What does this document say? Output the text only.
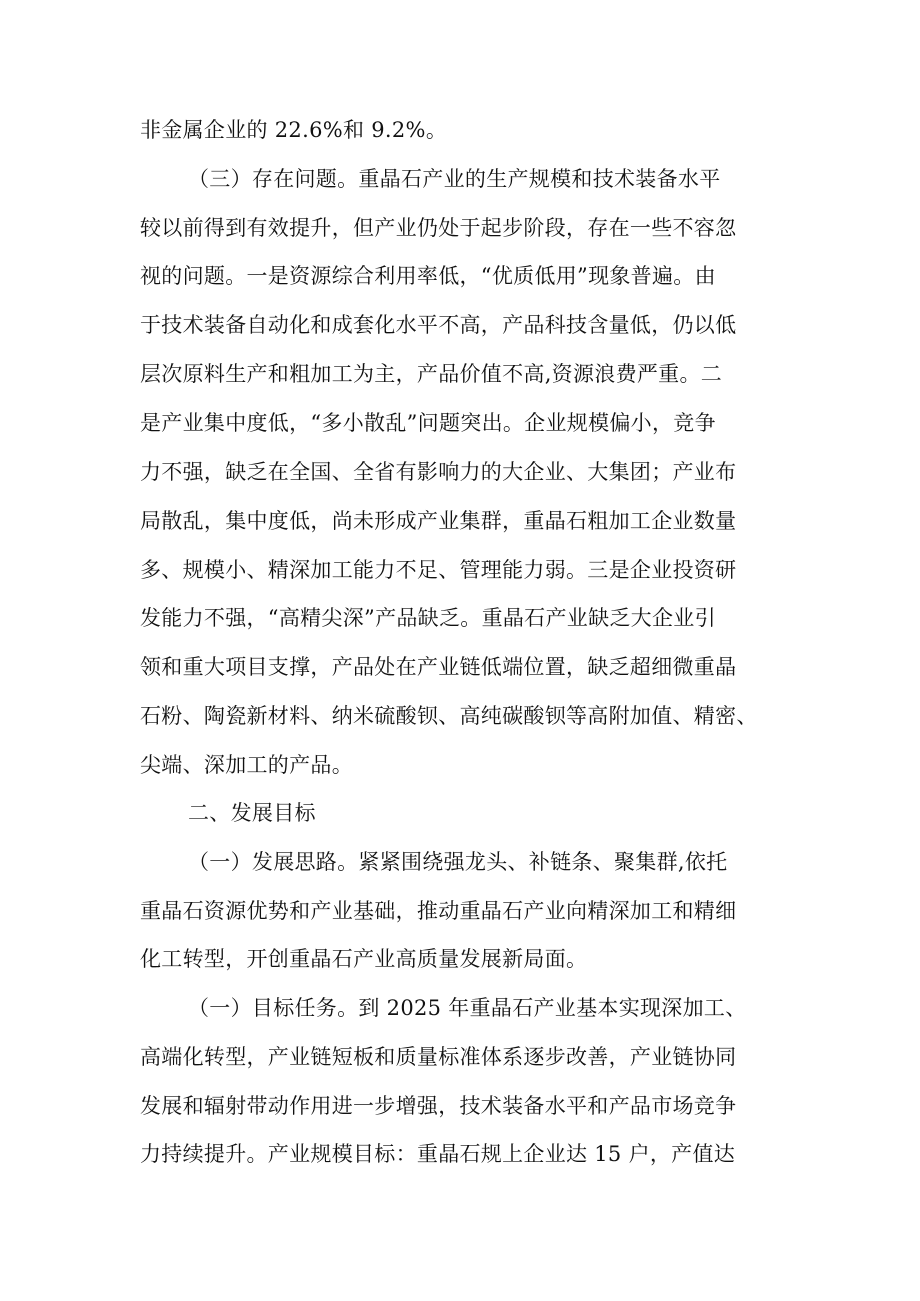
非金属企业的 22.6%和 9.2%。
（三）存在问题。重晶石产业的生产规模和技术装备水平
较以前得到有效提升，但产业仍处于起步阶段，存在一些不容忽
视的问题。一是资源综合利用率低，“优质低用”现象普遍。由
于技术装备自动化和成套化水平不高，产品科技含量低，仍以低
层次原料生产和粗加工为主，产品价值不高,资源浪费严重。二
是产业集中度低，“多小散乱”问题突出。企业规模偏小，竞争
力不强，缺乏在全国、全省有影响力的大企业、大集团；产业布
局散乱，集中度低，尚未形成产业集群，重晶石粗加工企业数量
多、规模小、精深加工能力不足、管理能力弱。三是企业投资研
发能力不强，“高精尖深”产品缺乏。重晶石产业缺乏大企业引
领和重大项目支撑，产品处在产业链低端位置，缺乏超细微重晶
石粉、陶瓷新材料、纳米硫酸钡、高纯碳酸钡等高附加值、精密、
尖端、深加工的产品。
二、发展目标
（一）发展思路。紧紧围绕强龙头、补链条、聚集群,依托
重晶石资源优势和产业基础，推动重晶石产业向精深加工和精细
化工转型，开创重晶石产业高质量发展新局面。
（一）目标任务。到 2025 年重晶石产业基本实现深加工、
高端化转型，产业链短板和质量标准体系逐步改善，产业链协同
发展和辐射带动作用进一步增强，技术装备水平和产品市场竞争
力持续提升。产业规模目标：重晶石规上企业达 15 户，产值达
